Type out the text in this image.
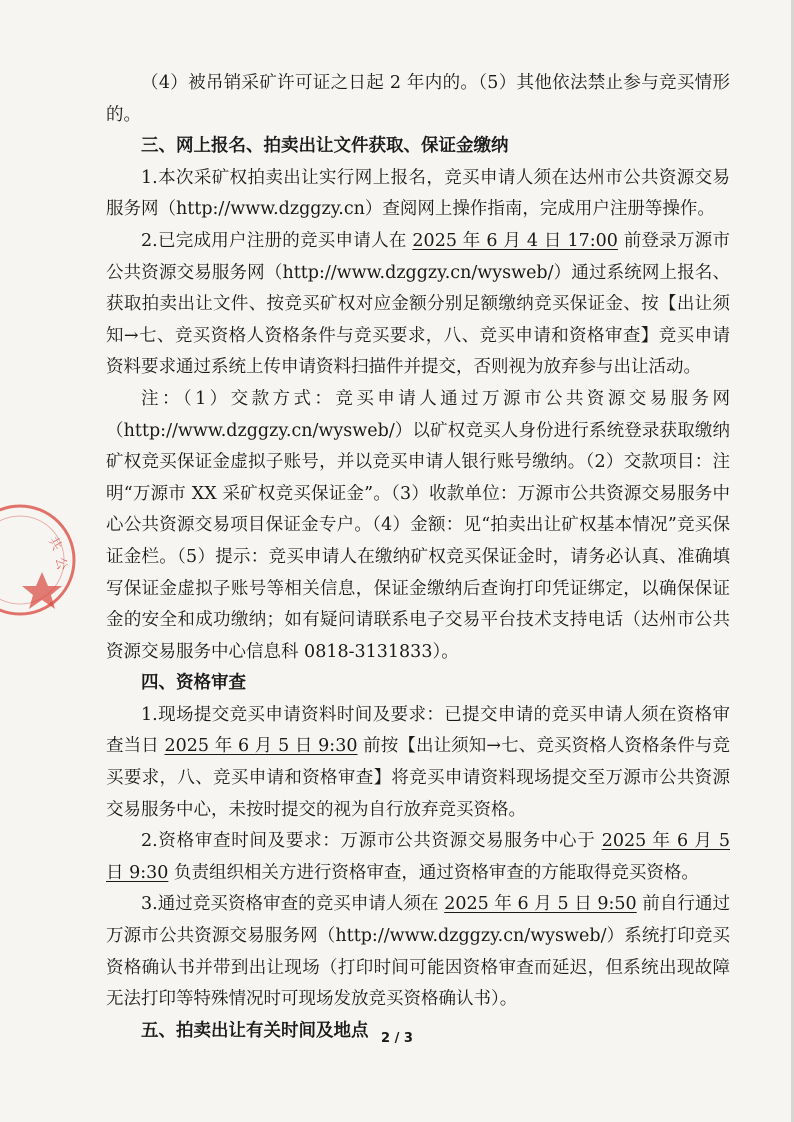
共
公

（4）被吊销采矿许可证之日起 2 年内的。（5）其他依法禁止参与竞买情形的。

三、网上报名、拍卖出让文件获取、保证金缴纳

1.本次采矿权拍卖出让实行网上报名，竞买申请人须在达州市公共资源交易服务网（http://www.dzggzy.cn）查阅网上操作指南，完成用户注册等操作。

2.已完成用户注册的竞买申请人在 2025 年 6 月 4 日 17:00 前登录万源市公共资源交易服务网（http://www.dzggzy.cn/wysweb/）通过系统网上报名、获取拍卖出让文件、按竞买矿权对应金额分别足额缴纳竞买保证金、按【出让须知→七、竞买资格人资格条件与竞买要求，八、竞买申请和资格审查】竞买申请资料要求通过系统上传申请资料扫描件并提交，否则视为放弃参与出让活动。

注：（1）交款方式：竞买申请人通过万源市公共资源交易服务网（http://www.dzggzy.cn/wysweb/）以矿权竞买人身份进行系统登录获取缴纳矿权竞买保证金虚拟子账号，并以竞买申请人银行账号缴纳。（2）交款项目：注明“万源市 XX 采矿权竞买保证金”。（3）收款单位：万源市公共资源交易服务中心公共资源交易项目保证金专户。（4）金额：见“拍卖出让矿权基本情况”竞买保证金栏。（5）提示：竞买申请人在缴纳矿权竞买保证金时，请务必认真、准确填写保证金虚拟子账号等相关信息，保证金缴纳后查询打印凭证绑定，以确保保证金的安全和成功缴纳；如有疑问请联系电子交易平台技术支持电话（达州市公共资源交易服务中心信息科 0818-3131833）。

四、资格审查

1.现场提交竞买申请资料时间及要求：已提交申请的竞买申请人须在资格审查当日 2025 年 6 月 5 日 9:30 前按【出让须知→七、竞买资格人资格条件与竞买要求，八、竞买申请和资格审查】将竞买申请资料现场提交至万源市公共资源交易服务中心，未按时提交的视为自行放弃竞买资格。

2.资格审查时间及要求：万源市公共资源交易服务中心于 2025 年 6 月 5 日 9:30 负责组织相关方进行资格审查，通过资格审查的方能取得竞买资格。

3.通过竞买资格审查的竞买申请人须在 2025 年 6 月 5 日 9:50 前自行通过万源市公共资源交易服务网（http://www.dzggzy.cn/wysweb/）系统打印竞买资格确认书并带到出让现场（打印时间可能因资格审查而延迟，但系统出现故障无法打印等特殊情况时可现场发放竞买资格确认书）。

五、拍卖出让有关时间及地点 2 / 3
